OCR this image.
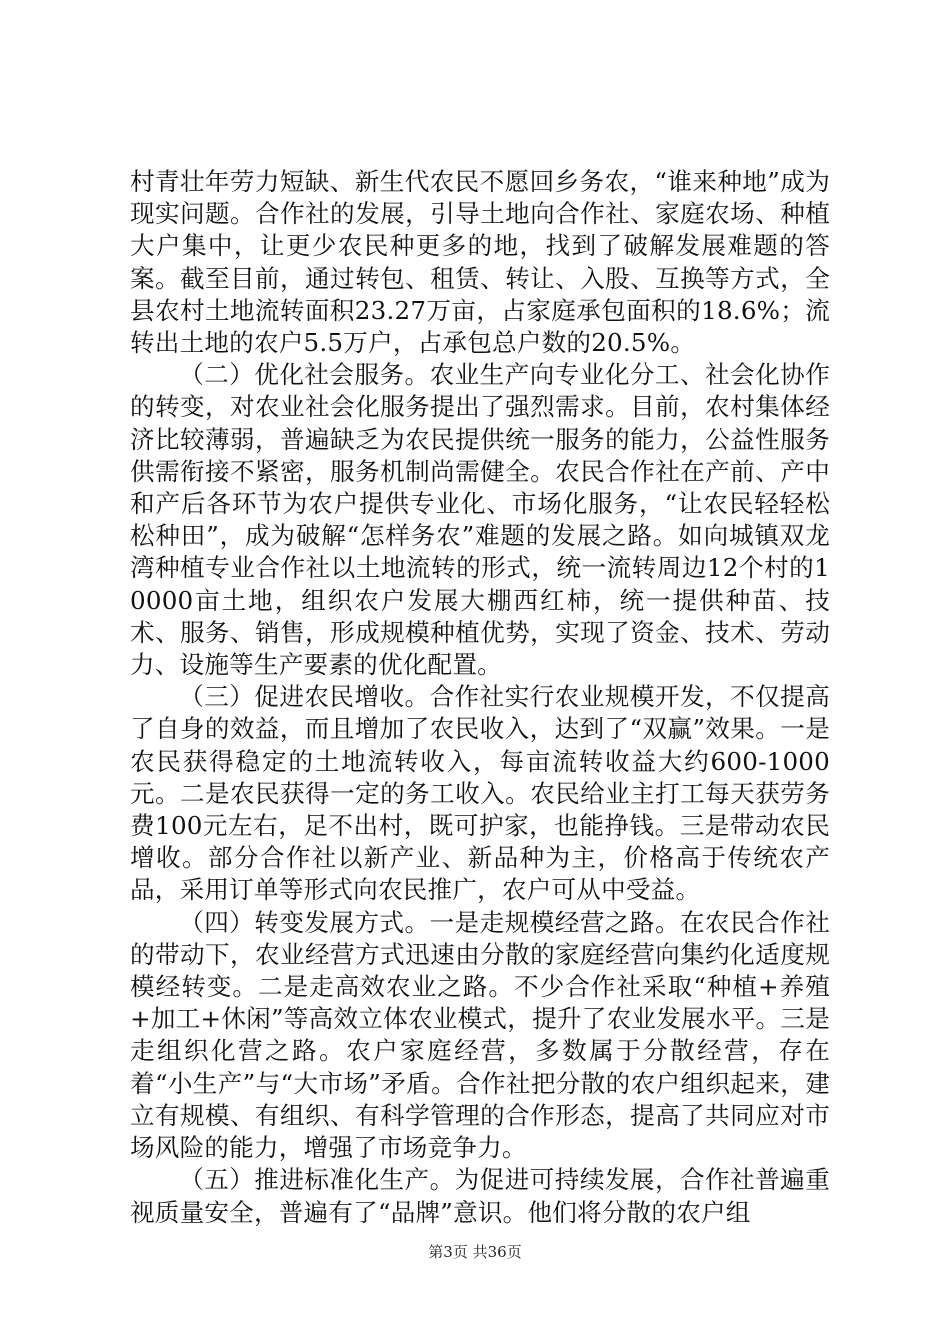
村青壮年劳力短缺、新生代农民不愿回乡务农，“谁来种地”成为现实问题。合作社的发展，引导土地向合作社、家庭农场、种植大户集中，让更少农民种更多的地，找到了破解发展难题的答案。截至目前，通过转包、租赁、转让、入股、互换等方式，全县农村土地流转面积23.27万亩，占家庭承包面积的18.6%；流转出土地的农户5.5万户，占承包总户数的20.5%。

（二）优化社会服务。农业生产向专业化分工、社会化协作的转变，对农业社会化服务提出了强烈需求。目前，农村集体经济比较薄弱，普遍缺乏为农民提供统一服务的能力，公益性服务供需衔接不紧密，服务机制尚需健全。农民合作社在产前、产中和产后各环节为农户提供专业化、市场化服务，“让农民轻轻松松种田”，成为破解“怎样务农”难题的发展之路。如向城镇双龙湾种植专业合作社以土地流转的形式，统一流转周边12个村的10000亩土地，组织农户发展大棚西红柿，统一提供种苗、技术、服务、销售，形成规模种植优势，实现了资金、技术、劳动力、设施等生产要素的优化配置。

（三）促进农民增收。合作社实行农业规模开发，不仅提高了自身的效益，而且增加了农民收入，达到了“双赢”效果。一是农民获得稳定的土地流转收入，每亩流转收益大约600-1000元。二是农民获得一定的务工收入。农民给业主打工每天获劳务费100元左右，足不出村，既可护家，也能挣钱。三是带动农民增收。部分合作社以新产业、新品种为主，价格高于传统农产品，采用订单等形式向农民推广，农户可从中受益。

（四）转变发展方式。一是走规模经营之路。在农民合作社的带动下，农业经营方式迅速由分散的家庭经营向集约化适度规模经转变。二是走高效农业之路。不少合作社采取“种植+养殖+加工+休闲”等高效立体农业模式，提升了农业发展水平。三是走组织化营之路。农户家庭经营，多数属于分散经营，存在着“小生产”与“大市场”矛盾。合作社把分散的农户组织起来，建立有规模、有组织、有科学管理的合作形态，提高了共同应对市场风险的能力，增强了市场竞争力。

（五）推进标准化生产。为促进可持续发展，合作社普遍重视质量安全，普遍有了“品牌”意识。他们将分散的农户组

第3页 共36页
